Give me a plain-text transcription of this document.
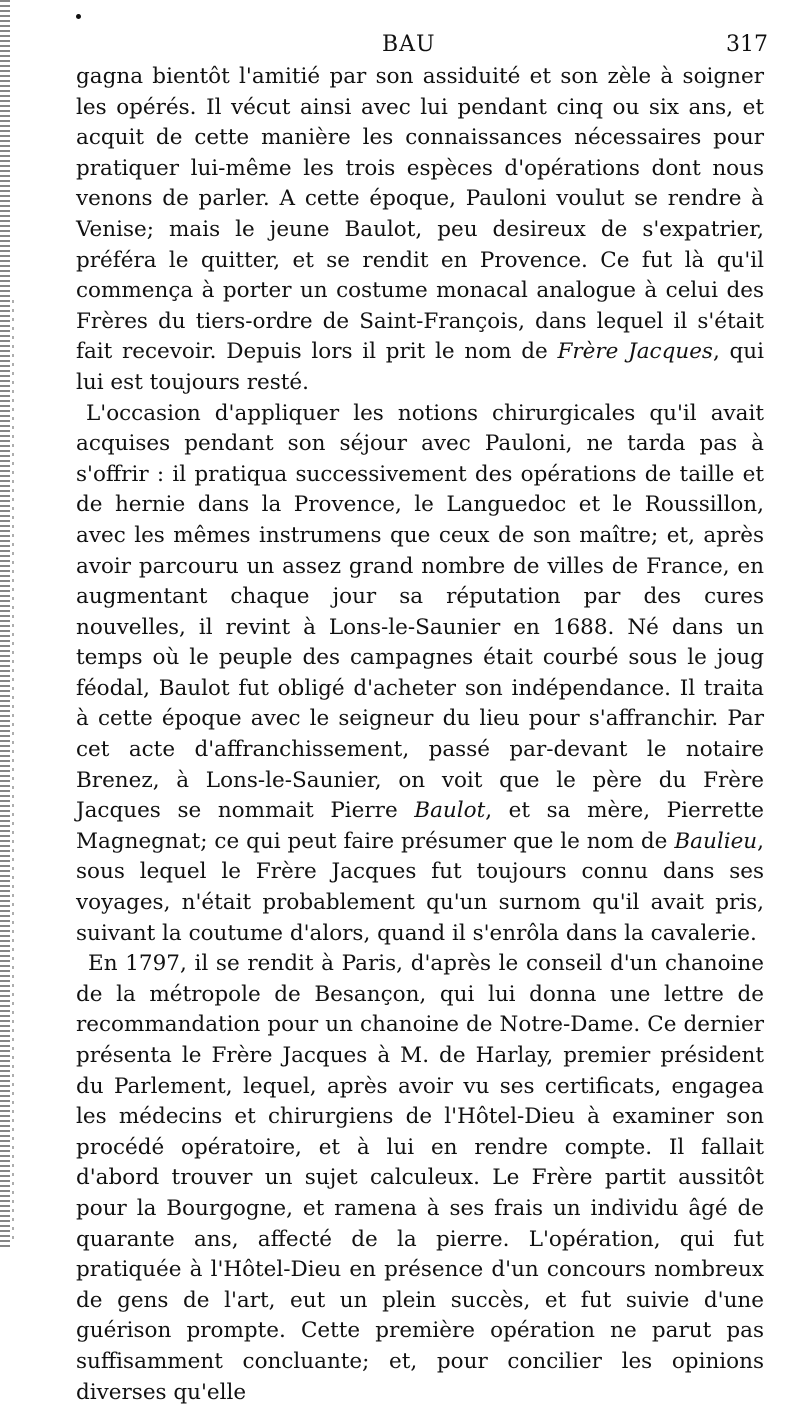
BAU	317

gagna bientôt l'amitié par son assiduité et son zèle à soigner les opérés. Il vécut ainsi avec lui pendant cinq ou six ans, et acquit de cette manière les connaissances nécessaires pour pratiquer lui-même les trois espèces d'opérations dont nous venons de parler. A cette époque, Pauloni voulut se rendre à Venise; mais le jeune Baulot, peu desireux de s'expatrier, préféra le quitter, et se rendit en Provence. Ce fut là qu'il commença à porter un costume monacal analogue à celui des Frères du tiers-ordre de Saint-François, dans lequel il s'était fait recevoir. Depuis lors il prit le nom de Frère Jacques, qui lui est toujours resté.

L'occasion d'appliquer les notions chirurgicales qu'il avait acquises pendant son séjour avec Pauloni, ne tarda pas à s'offrir : il pratiqua successivement des opérations de taille et de hernie dans la Provence, le Languedoc et le Roussillon, avec les mêmes instrumens que ceux de son maître; et, après avoir parcouru un assez grand nombre de villes de France, en augmentant chaque jour sa réputation par des cures nouvelles, il revint à Lons-le-Saunier en 1688. Né dans un temps où le peuple des campagnes était courbé sous le joug féodal, Baulot fut obligé d'acheter son indépendance. Il traita à cette époque avec le seigneur du lieu pour s'affranchir. Par cet acte d'affranchissement, passé par-devant le notaire Brenez, à Lons-le-Saunier, on voit que le père du Frère Jacques se nommait Pierre Baulot, et sa mère, Pierrette Magnegnat; ce qui peut faire présumer que le nom de Baulieu, sous lequel le Frère Jacques fut toujours connu dans ses voyages, n'était probablement qu'un surnom qu'il avait pris, suivant la coutume d'alors, quand il s'enrôla dans la cavalerie.

En 1797, il se rendit à Paris, d'après le conseil d'un chanoine de la métropole de Besançon, qui lui donna une lettre de recommandation pour un chanoine de Notre-Dame. Ce dernier présenta le Frère Jacques à M. de Harlay, premier président du Parlement, lequel, après avoir vu ses certificats, engagea les médecins et chirurgiens de l'Hôtel-Dieu à examiner son procédé opératoire, et à lui en rendre compte. Il fallait d'abord trouver un sujet calculeux. Le Frère partit aussitôt pour la Bourgogne, et ramena à ses frais un individu âgé de quarante ans, affecté de la pierre. L'opération, qui fut pratiquée à l'Hôtel-Dieu en présence d'un concours nombreux de gens de l'art, eut un plein succès, et fut suivie d'une guérison prompte. Cette première opération ne parut pas suffisamment concluante; et, pour concilier les opinions diverses qu'elle
